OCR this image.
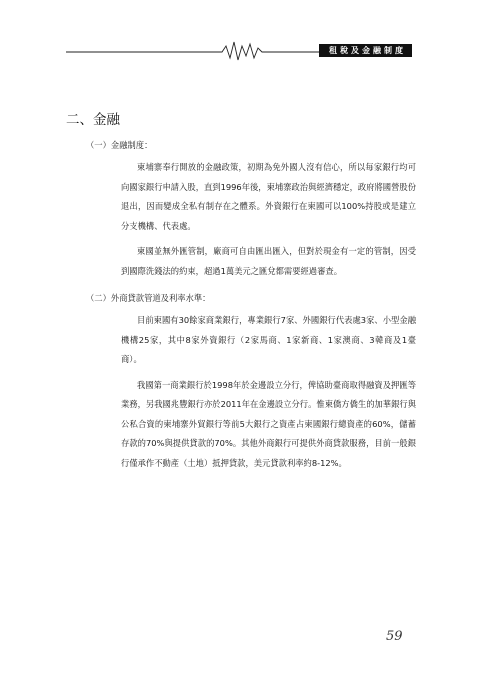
租稅及金融制度
二、金融
（一）金融制度：

柬埔寨奉行開放的金融政策，初期為免外國人沒有信心，所以每家銀行均可向國家銀行申請入股，直到1996年後，柬埔寨政治與經濟穩定，政府將國營股份退出，因而變成全私有制存在之體系。外資銀行在柬國可以100%持股或是建立分支機構、代表處。

柬國並無外匯管制，廠商可自由匯出匯入，但對於現金有一定的管制，因受到國際洗錢法的約束，超過1萬美元之匯兌都需要經過審查。

（二）外商貸款管道及利率水準：

目前柬國有30餘家商業銀行，專業銀行7家、外國銀行代表處3家、小型金融機構25家，其中8家外資銀行（2家馬商、1家新商、1家澳商、3韓商及1臺商）。

我國第一商業銀行於1998年於金邊設立分行，俾協助臺商取得融資及押匯等業務，另我國兆豐銀行亦於2011年在金邊設立分行。惟柬僑方僑生的加華銀行與公私合資的柬埔寨外貿銀行等前5大銀行之資產占柬國銀行總資產的60%，儲蓄存款的70%與提供貸款的70%。其他外商銀行可提供外商貸款服務，目前一般銀行僅承作不動產（土地）抵押貸款，美元貸款利率約8-12%。

59
